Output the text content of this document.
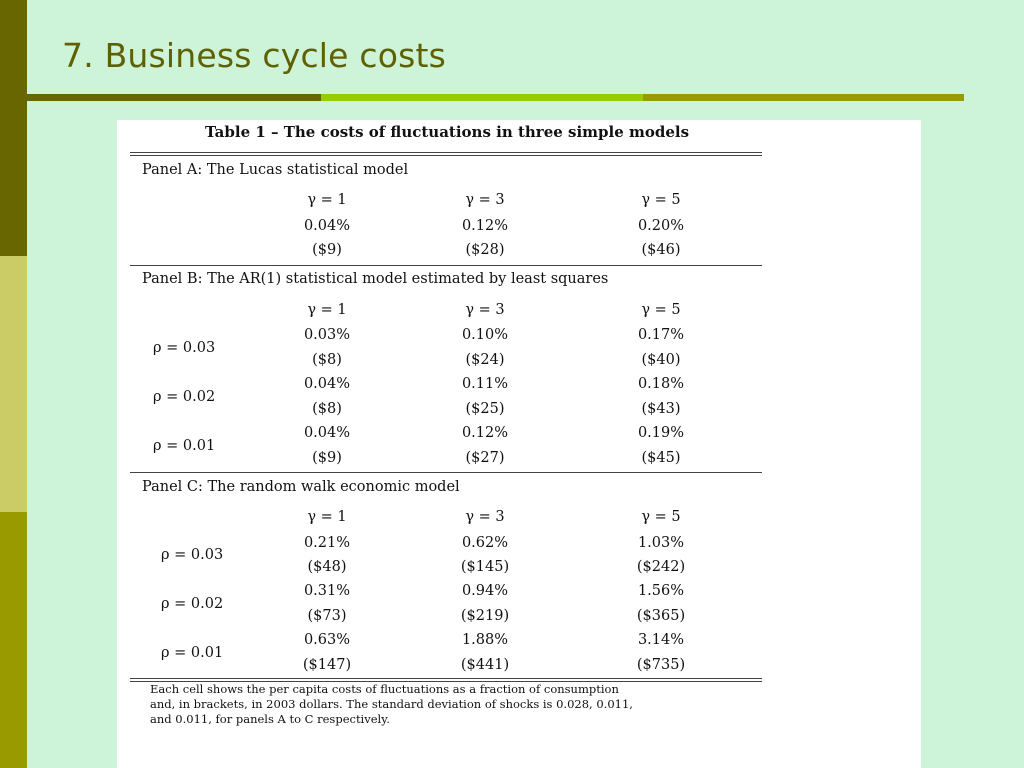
7. Business cycle costs
Table 1 – The costs of fluctuations in three simple models
Panel A: The Lucas statistical model
γ = 1	γ = 3	γ = 5
0.04%	0.12%	0.20%
($9)	($28)	($46)
Panel B: The AR(1) statistical model estimated by least squares
γ = 1	γ = 3	γ = 5
ρ = 0.03
0.03%	0.10%	0.17%
($8)	($24)	($40)
ρ = 0.02
0.04%	0.11%	0.18%
($8)	($25)	($43)
ρ = 0.01
0.04%	0.12%	0.19%
($9)	($27)	($45)
Panel C: The random walk economic model
γ = 1	γ = 3	γ = 5
ρ = 0.03
0.21%	0.62%	1.03%
($48)	($145)	($242)
ρ = 0.02
0.31%	0.94%	1.56%
($73)	($219)	($365)
ρ = 0.01
0.63%	1.88%	3.14%
($147)	($441)	($735)
Each cell shows the per capita costs of fluctuations as a fraction of consumption
and, in brackets, in 2003 dollars. The standard deviation of shocks is 0.028, 0.011,
and 0.011, for panels A to C respectively.
